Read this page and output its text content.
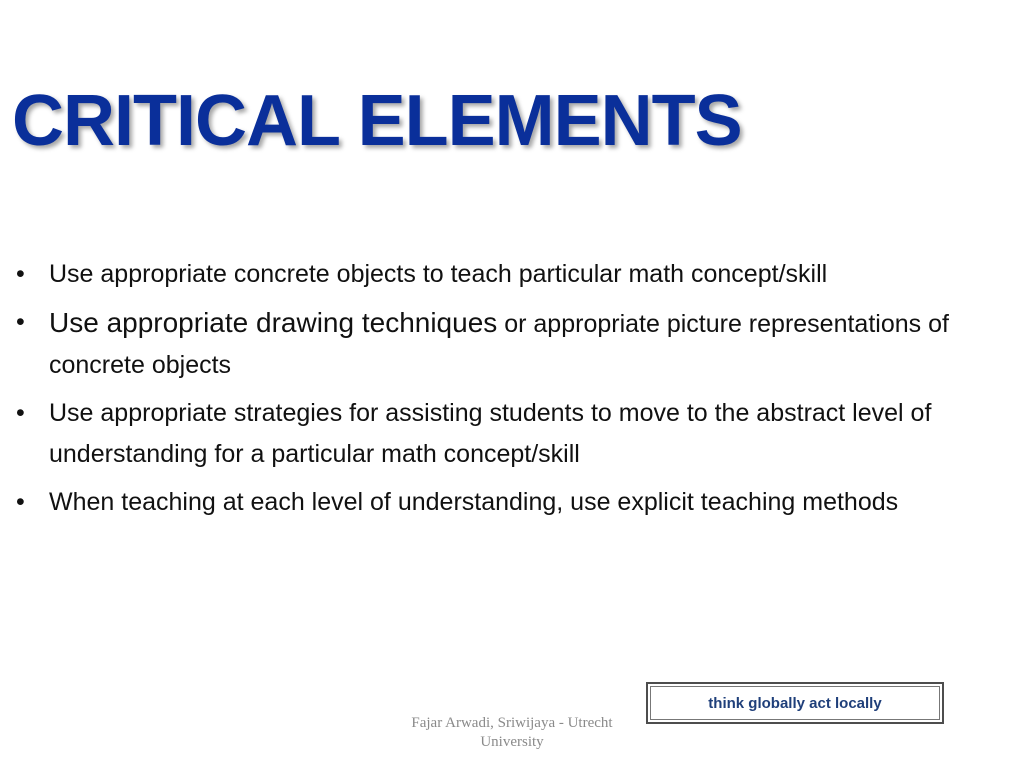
CRITICAL ELEMENTS
• Use appropriate concrete objects to teach particular math concept/skill
• Use appropriate drawing techniques or appropriate picture representations of concrete objects
• Use appropriate strategies for assisting students to move to the abstract level of understanding for a particular math concept/skill
• When teaching at each level of understanding, use explicit teaching methods
Fajar Arwadi, Sriwijaya - Utrecht University
think globally act locally
